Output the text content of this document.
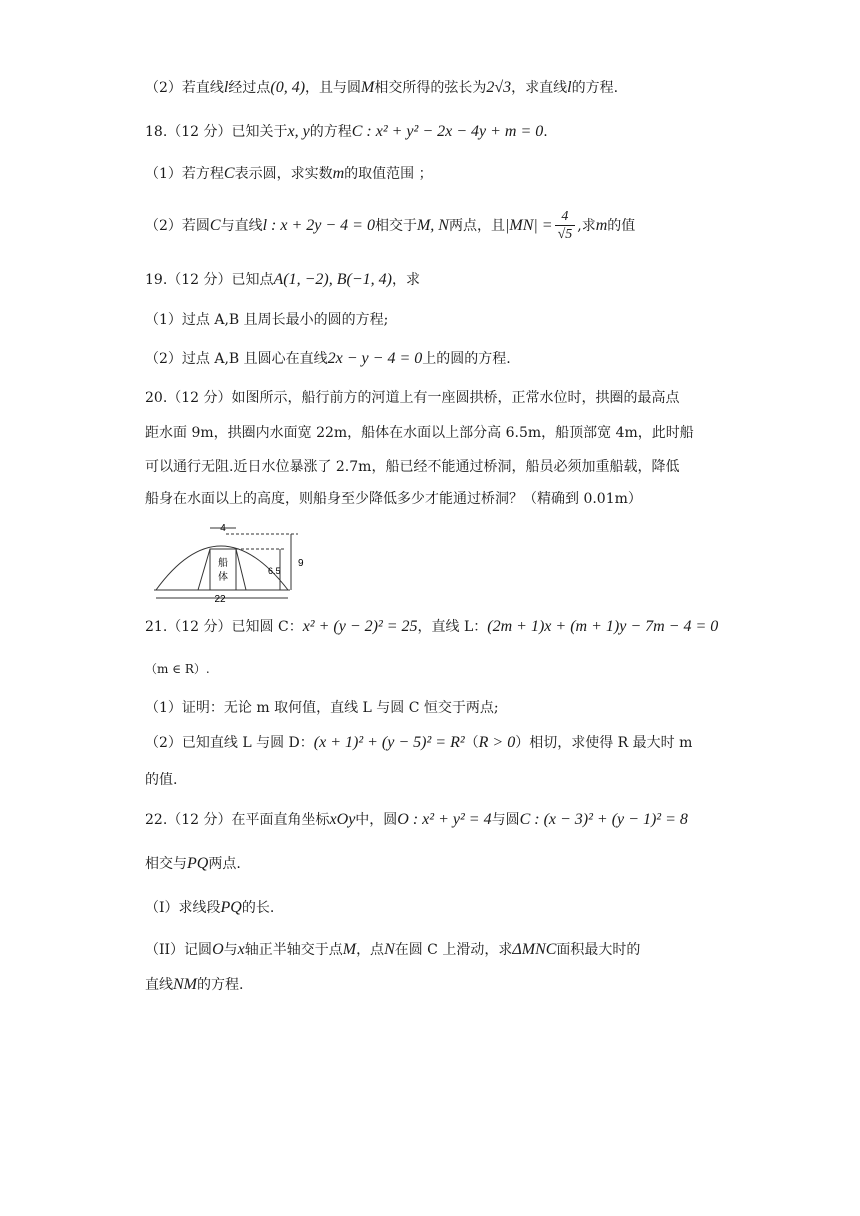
（2）若直线l经过点(0, 4)，且与圆M相交所得的弦长为2√3，求直线l的方程.
18.（12 分）已知关于x, y的方程C : x² + y² − 2x − 4y + m = 0.
（1）若方程C表示圆，求实数m的取值范围 ；
（2）若圆C与直线l : x + 2y − 4 = 0相交于M, N两点，且$|MN| = \frac{4}{√5}$ ,求m的值
19.（12 分）已知点A(1, −2), B(−1, 4)，求
（1）过点 A,B 且周长最小的圆的方程;
（2）过点 A,B 且圆心在直线2x − y − 4 = 0上的圆的方程.
20.（12 分）如图所示，船行前方的河道上有一座圆拱桥，正常水位时，拱圈的最高点
距水面 9m，拱圈内水面宽 22m，船体在水面以上部分高 6.5m，船顶部宽 4m，此时船
可以通行无阻.近日水位暴涨了 2.7m，船已经不能通过桥洞，船员必须加重船载，降低
船身在水面以上的高度，则船身至少降低多少才能通过桥洞？（精确到 0.01m）
4
9
6.5
船
体
22
21.（12 分）已知圆 C：x² + (y − 2)² = 25，直线 L：(2m + 1)x + (m + 1)y − 7m − 4 = 0
（m ∈ R）.
（1）证明：无论 m 取何值，直线 L 与圆 C 恒交于两点;
（2）已知直线 L 与圆 D：(x + 1)² + (y − 5)² = R²（R > 0）相切，求使得 R 最大时 m
的值.
22.（12 分）在平面直角坐标xOy中，圆O : x² + y² = 4与圆C : (x − 3)² + (y − 1)² = 8
相交与PQ两点.
（I）求线段PQ的长.
（II）记圆O与x轴正半轴交于点M，点N在圆 C 上滑动，求ΔMNC面积最大时的
直线NM的方程.
